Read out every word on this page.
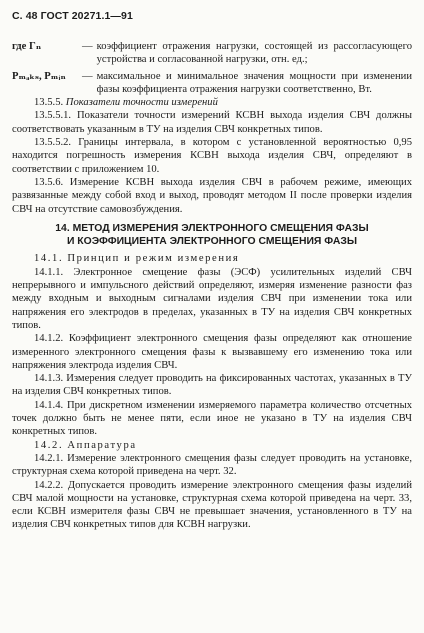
С. 48 ГОСТ 20271.1—91
где Гₙ	— коэффициент отражения нагрузки, состоящей из рассогласующего устройства и согласованной нагрузки, отн. ед.;
Pₘₐₖₛ, Pₘᵢₙ	— максимальное и минимальное значения мощности при изменении фазы коэффициента отражения нагрузки соответственно, Вт.

13.5.5. Показатели точности измерений

13.5.5.1. Показатели точности измерений КСВН выхода изделия СВЧ должны соответствовать указанным в ТУ на изделия СВЧ конкретных типов.

13.5.5.2. Границы интервала, в котором с установленной вероятностью 0,95 находится погрешность измерения КСВН выхода изделия СВЧ, определяют в соответствии с приложением 10.

13.5.6. Измерение КСВН выхода изделия СВЧ в рабочем режиме, имеющих развязанные между собой вход и выход, проводят методом II после проверки изделия СВЧ на отсутствие самовозбуждения.

14. МЕТОД ИЗМЕРЕНИЯ ЭЛЕКТРОННОГО СМЕЩЕНИЯ ФАЗЫ
И КОЭФФИЦИЕНТА ЭЛЕКТРОННОГО СМЕЩЕНИЯ ФАЗЫ

14.1. Принцип и режим измерения

14.1.1. Электронное смещение фазы (ЭСФ) усилительных изделий СВЧ непрерывного и импульсного действий определяют, измеряя изменение разности фаз между входным и выходным сигналами изделия СВЧ при изменении тока или напряжения его электродов в пределах, указанных в ТУ на изделия СВЧ конкретных типов.

14.1.2. Коэффициент электронного смещения фазы определяют как отношение измеренного электронного смещения фазы к вызвавшему его изменению тока или напряжения электрода изделия СВЧ.

14.1.3. Измерения следует проводить на фиксированных частотах, указанных в ТУ на изделия СВЧ конкретных типов.

14.1.4. При дискретном изменении измеряемого параметра количество отсчетных точек должно быть не менее пяти, если иное не указано в ТУ на изделия СВЧ конкретных типов.

14.2. Аппаратура

14.2.1. Измерение электронного смещения фазы следует проводить на установке, структурная схема которой приведена на черт. 32.

14.2.2. Допускается проводить измерение электронного смещения фазы изделий СВЧ малой мощности на установке, структурная схема которой приведена на черт. 33, если КСВН измерителя фазы СВЧ не превышает значения, установленного в ТУ на изделия СВЧ конкретных типов для КСВН нагрузки.
